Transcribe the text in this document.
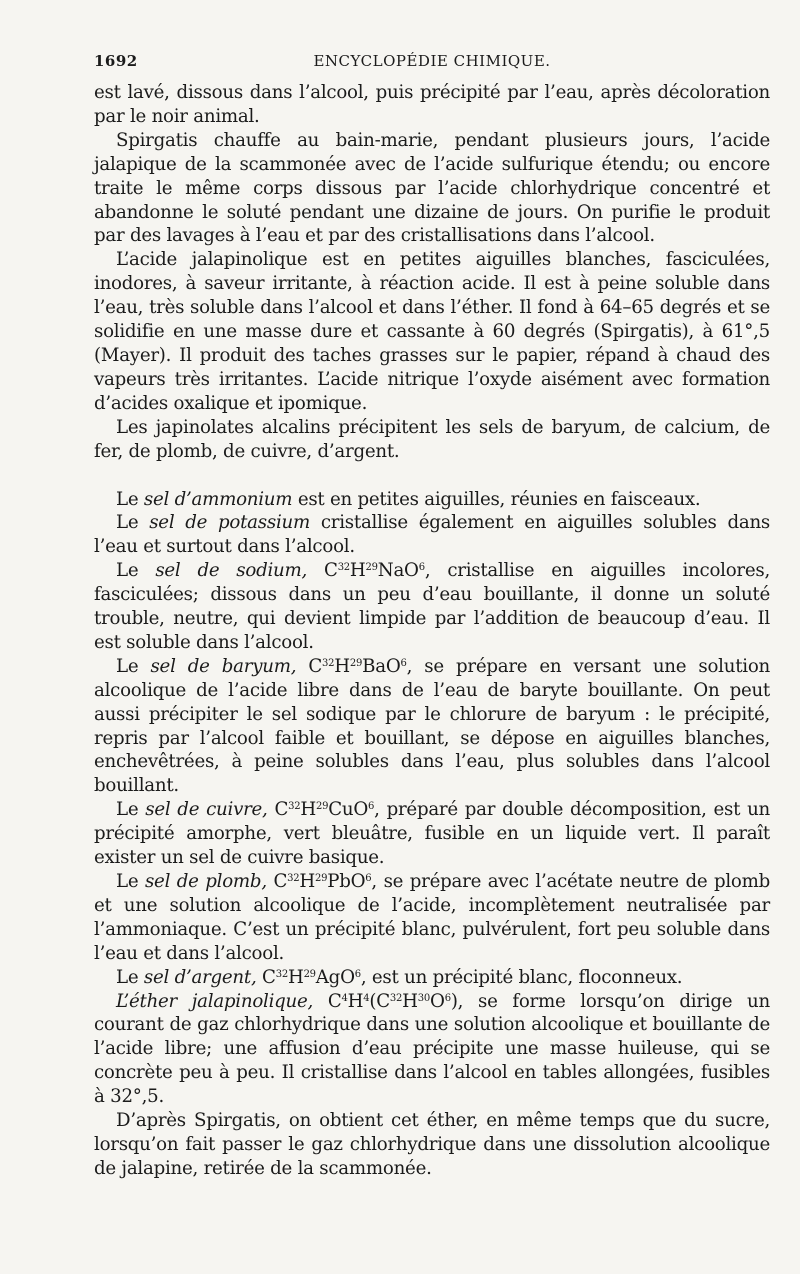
1692	ENCYCLOPÉDIE CHIMIQUE.

est lavé, dissous dans l’alcool, puis précipité par l’eau, après décoloration par le noir animal.

Spirgatis chauffe au bain-marie, pendant plusieurs jours, l’acide jalapique de la scammonée avec de l’acide sulfurique étendu; ou encore traite le même corps dissous par l’acide chlorhydrique concentré et abandonne le soluté pendant une dizaine de jours. On purifie le produit par des lavages à l’eau et par des cristallisations dans l’alcool.

L’acide jalapinolique est en petites aiguilles blanches, fasciculées, inodores, à saveur irritante, à réaction acide. Il est à peine soluble dans l’eau, très soluble dans l’alcool et dans l’éther. Il fond à 64–65 degrés et se solidifie en une masse dure et cassante à 60 degrés (Spirgatis), à 61°,5 (Mayer). Il produit des taches grasses sur le papier, répand à chaud des vapeurs très irritantes. L’acide nitrique l’oxyde aisément avec formation d’acides oxalique et ipomique.

Les japinolates alcalins précipitent les sels de baryum, de calcium, de fer, de plomb, de cuivre, d’argent.

Le sel d’ammonium est en petites aiguilles, réunies en faisceaux.

Le sel de potassium cristallise également en aiguilles solubles dans l’eau et surtout dans l’alcool.

Le sel de sodium, $C^{32}H^{29}NaO^6$, cristallise en aiguilles incolores, fasciculées; dissous dans un peu d’eau bouillante, il donne un soluté trouble, neutre, qui devient limpide par l’addition de beaucoup d’eau. Il est soluble dans l’alcool.

Le sel de baryum, $C^{32}H^{29}BaO^6$, se prépare en versant une solution alcoolique de l’acide libre dans de l’eau de baryte bouillante. On peut aussi précipiter le sel sodique par le chlorure de baryum : le précipité, repris par l’alcool faible et bouillant, se dépose en aiguilles blanches, enchevêtrées, à peine solubles dans l’eau, plus solubles dans l’alcool bouillant.

Le sel de cuivre, $C^{32}H^{29}CuO^6$, préparé par double décomposition, est un précipité amorphe, vert bleuâtre, fusible en un liquide vert. Il paraît exister un sel de cuivre basique.

Le sel de plomb, $C^{32}H^{29}PbO^6$, se prépare avec l’acétate neutre de plomb et une solution alcoolique de l’acide, incomplètement neutralisée par l’ammoniaque. C’est un précipité blanc, pulvérulent, fort peu soluble dans l’eau et dans l’alcool.

Le sel d’argent, $C^{32}H^{29}AgO^6$, est un précipité blanc, floconneux.

L’éther jalapinolique, $C^4H^4(C^{32}H^{30}O^6)$, se forme lorsqu’on dirige un courant de gaz chlorhydrique dans une solution alcoolique et bouillante de l’acide libre; une affusion d’eau précipite une masse huileuse, qui se concrète peu à peu. Il cristallise dans l’alcool en tables allongées, fusibles à 32°,5.

D’après Spirgatis, on obtient cet éther, en même temps que du sucre, lorsqu’on fait passer le gaz chlorhydrique dans une dissolution alcoolique de jalapine, retirée de la scammonée.
